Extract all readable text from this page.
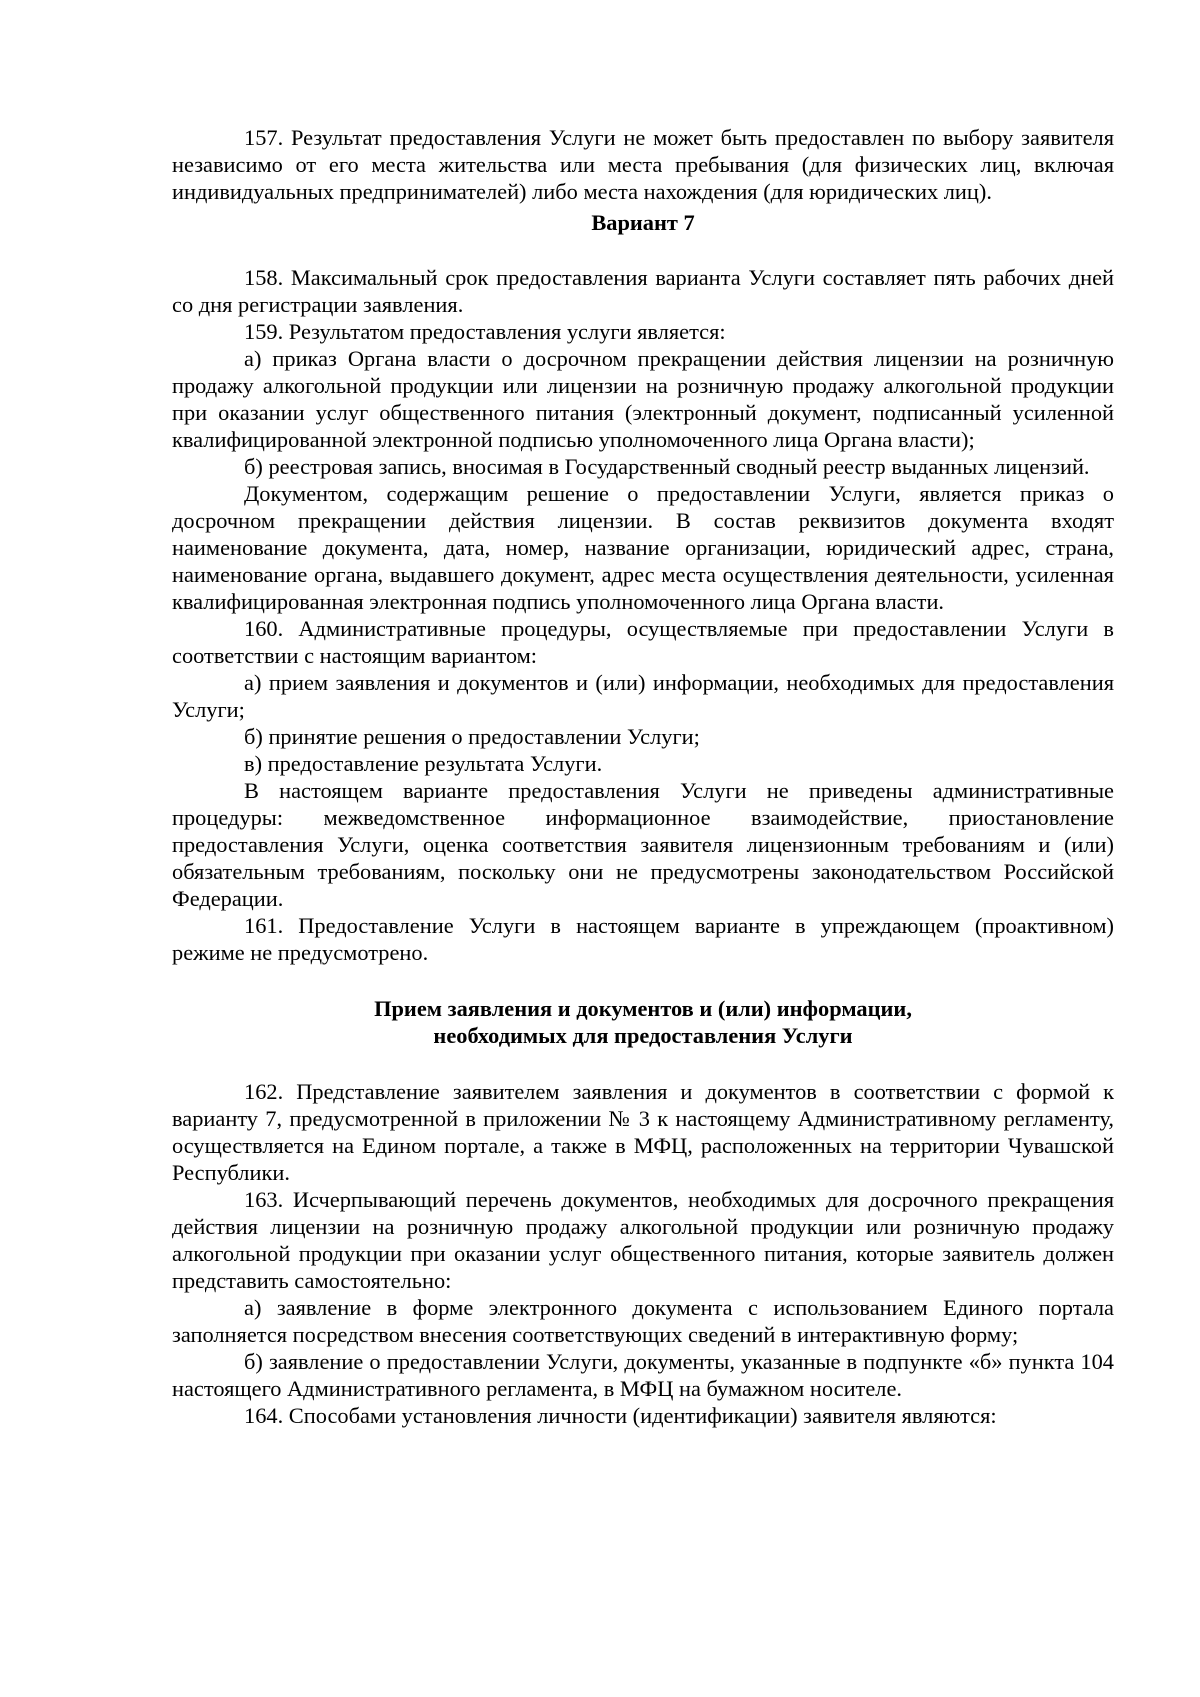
157. Результат предоставления Услуги не может быть предоставлен по выбору заявителя независимо от его места жительства или места пребывания (для физических лиц, включая индивидуальных предпринимателей) либо места нахождения (для юридических лиц).

Вариант 7

158. Максимальный срок предоставления варианта Услуги составляет пять рабочих дней со дня регистрации заявления.

159. Результатом предоставления услуги является:

а) приказ Органа власти о досрочном прекращении действия лицензии на розничную продажу алкогольной продукции или лицензии на розничную продажу алкогольной продукции при оказании услуг общественного питания (электронный документ, подписанный усиленной квалифицированной электронной подписью уполномоченного лица Органа власти);

б) реестровая запись, вносимая в Государственный сводный реестр выданных лицензий.

Документом, содержащим решение о предоставлении Услуги, является приказ о досрочном прекращении действия лицензии. В состав реквизитов документа входят наименование документа, дата, номер, название организации, юридический адрес, страна, наименование органа, выдавшего документ, адрес места осуществления деятельности, усиленная квалифицированная электронная подпись уполномоченного лица Органа власти.

160. Административные процедуры, осуществляемые при предоставлении Услуги в соответствии с настоящим вариантом:

а) прием заявления и документов и (или) информации, необходимых для предоставления Услуги;

б) принятие решения о предоставлении Услуги;

в) предоставление результата Услуги.

В настоящем варианте предоставления Услуги не приведены административные процедуры: межведомственное информационное взаимодействие, приостановление предоставления Услуги, оценка соответствия заявителя лицензионным требованиям и (или) обязательным требованиям, поскольку они не предусмотрены законодательством Российской Федерации.

161. Предоставление Услуги в настоящем варианте в упреждающем (проактивном) режиме не предусмотрено.

Прием заявления и документов и (или) информации,
необходимых для предоставления Услуги

162. Представление заявителем заявления и документов в соответствии с формой к варианту 7, предусмотренной в приложении № 3 к настоящему Административному регламенту, осуществляется на Едином портале, а также в МФЦ, расположенных на территории Чувашской Республики.

163. Исчерпывающий перечень документов, необходимых для досрочного прекращения действия лицензии на розничную продажу алкогольной продукции или розничную продажу алкогольной продукции при оказании услуг общественного питания, которые заявитель должен представить самостоятельно:

а) заявление в форме электронного документа с использованием Единого портала заполняется посредством внесения соответствующих сведений в интерактивную форму;

б) заявление о предоставлении Услуги, документы, указанные в подпункте «б» пункта 104 настоящего Административного регламента, в МФЦ на бумажном носителе.

164. Способами установления личности (идентификации) заявителя являются:
